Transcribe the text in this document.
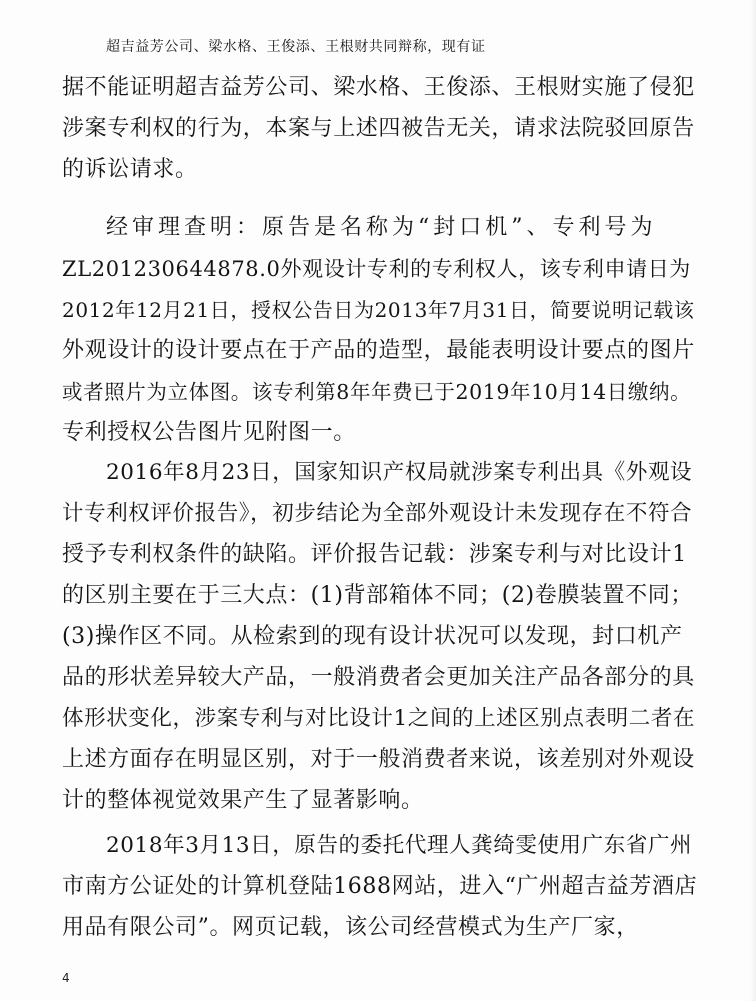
超吉益芳公司、梁水格、王俊添、王根财共同辩称，现有证
据不能证明超吉益芳公司、梁水格、王俊添、王根财实施了侵犯
涉案专利权的行为，本案与上述四被告无关，请求法院驳回原告
的诉讼请求。
经审理查明：原告是名称为“封口机”、专利号为
ZL201230644878.0外观设计专利的专利权人，该专利申请日为
2012年12月21日，授权公告日为2013年7月31日，简要说明记载该
外观设计的设计要点在于产品的造型，最能表明设计要点的图片
或者照片为立体图。该专利第8年年费已于2019年10月14日缴纳。
专利授权公告图片见附图一。
2016年8月23日，国家知识产权局就涉案专利出具《外观设
计专利权评价报告》，初步结论为全部外观设计未发现存在不符合
授予专利权条件的缺陷。评价报告记载：涉案专利与对比设计1
的区别主要在于三大点：(1)背部箱体不同；(2)卷膜装置不同；
(3)操作区不同。从检索到的现有设计状况可以发现，封口机产
品的形状差异较大产品，一般消费者会更加关注产品各部分的具
体形状变化，涉案专利与对比设计1之间的上述区别点表明二者在
上述方面存在明显区别，对于一般消费者来说，该差别对外观设
计的整体视觉效果产生了显著影响。
2018年3月13日，原告的委托代理人龚绮雯使用广东省广州
市南方公证处的计算机登陆1688网站，进入“广州超吉益芳酒店
用品有限公司”。网页记载，该公司经营模式为生产厂家，
4
